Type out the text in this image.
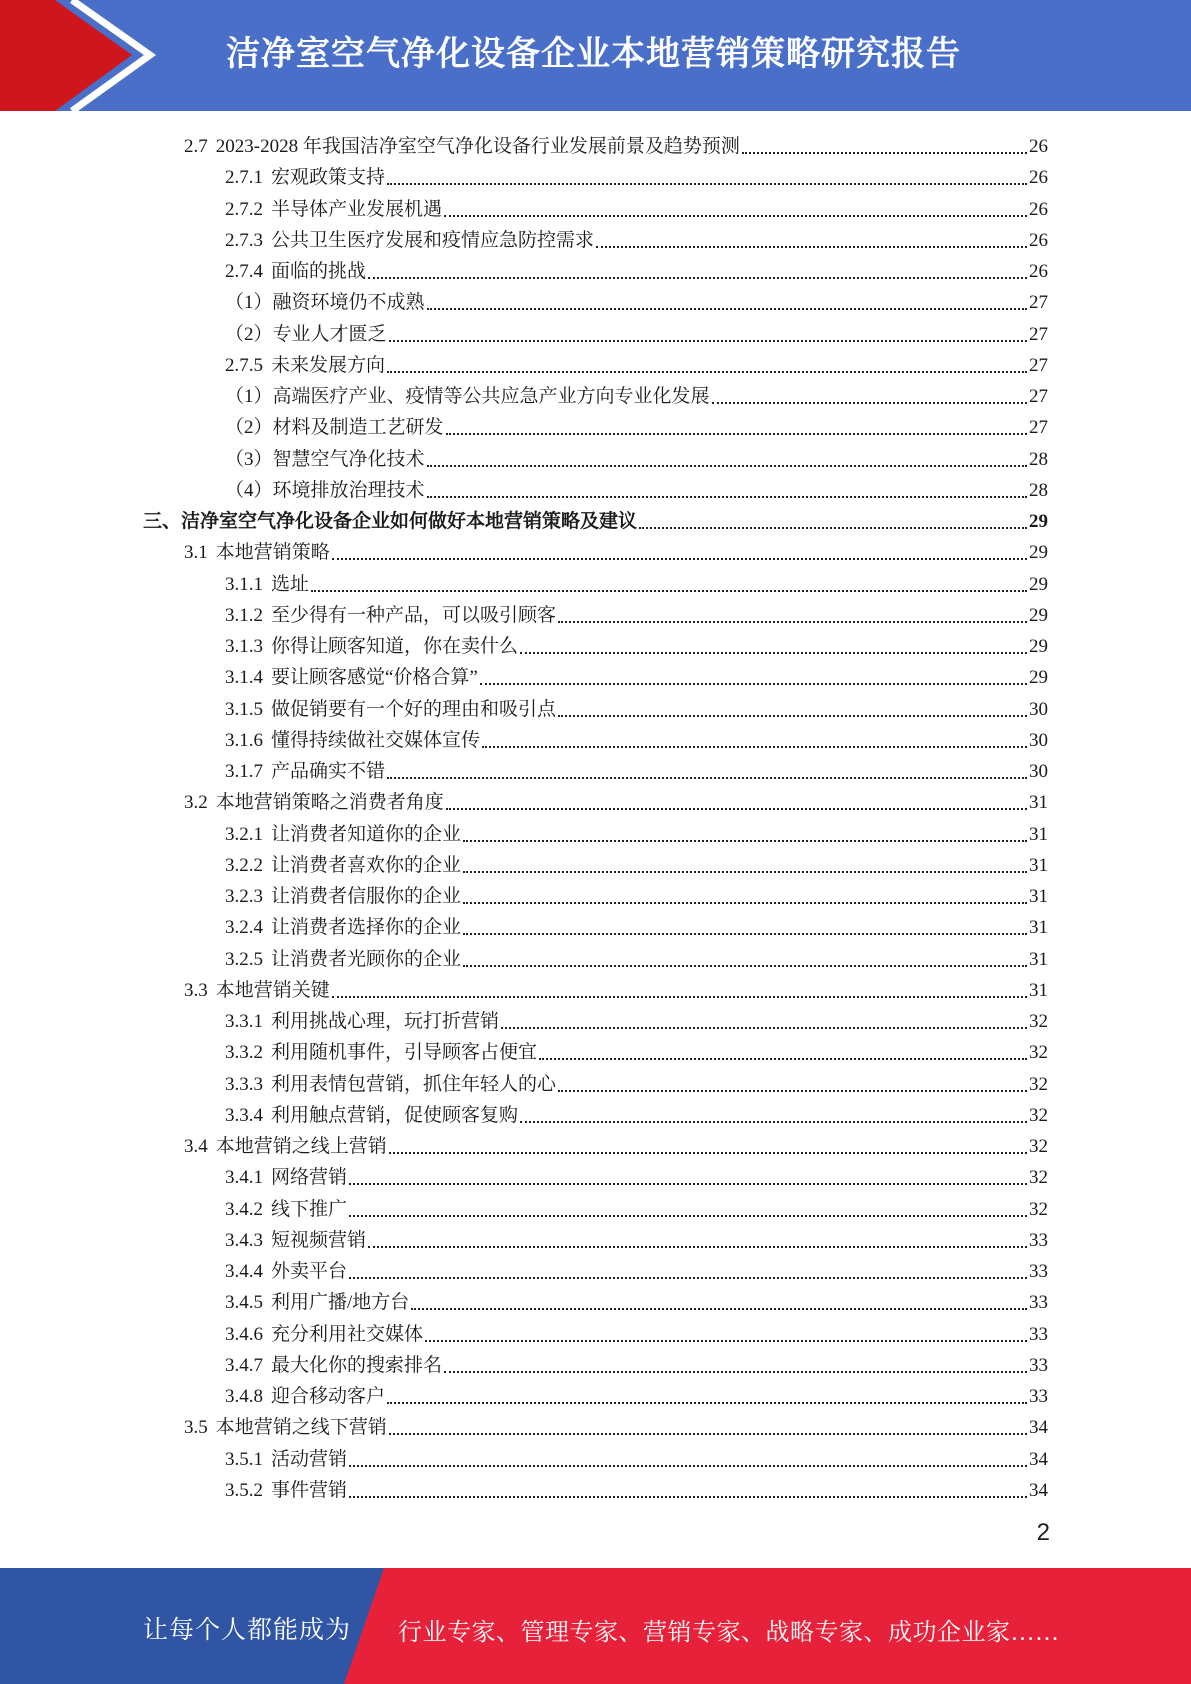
洁净室空气净化设备企业本地营销策略研究报告
2.7 2023-2028 年我国洁净室空气净化设备行业发展前景及趋势预测	26
2.7.1 宏观政策支持	26
2.7.2 半导体产业发展机遇	26
2.7.3 公共卫生医疗发展和疫情应急防控需求	26
2.7.4 面临的挑战	26
（1） 融资环境仍不成熟	27
（2） 专业人才匮乏	27
2.7.5 未来发展方向	27
（1） 高端医疗产业、疫情等公共应急产业方向专业化发展	27
（2） 材料及制造工艺研发	27
（3） 智慧空气净化技术	28
（4） 环境排放治理技术	28
三、 洁净室空气净化设备企业如何做好本地营销策略及建议	29
3.1 本地营销策略	29
3.1.1 选址	29
3.1.2 至少得有一种产品，可以吸引顾客	29
3.1.3 你得让顾客知道，你在卖什么	29
3.1.4 要让顾客感觉“价格合算”	29
3.1.5 做促销要有一个好的理由和吸引点	30
3.1.6 懂得持续做社交媒体宣传	30
3.1.7 产品确实不错	30
3.2 本地营销策略之消费者角度	31
3.2.1 让消费者知道你的企业	31
3.2.2 让消费者喜欢你的企业	31
3.2.3 让消费者信服你的企业	31
3.2.4 让消费者选择你的企业	31
3.2.5 让消费者光顾你的企业	31
3.3 本地营销关键	31
3.3.1 利用挑战心理，玩打折营销	32
3.3.2 利用随机事件，引导顾客占便宜	32
3.3.3 利用表情包营销，抓住年轻人的心	32
3.3.4 利用触点营销，促使顾客复购	32
3.4 本地营销之线上营销	32
3.4.1 网络营销	32
3.4.2 线下推广	32
3.4.3 短视频营销	33
3.4.4 外卖平台	33
3.4.5 利用广播/地方台	33
3.4.6 充分利用社交媒体	33
3.4.7 最大化你的搜索排名	33
3.4.8 迎合移动客户	33
3.5 本地营销之线下营销	34
3.5.1 活动营销	34
3.5.2 事件营销	34
2
让每个人都能成为 行业专家、管理专家、营销专家、战略专家、成功企业家……
